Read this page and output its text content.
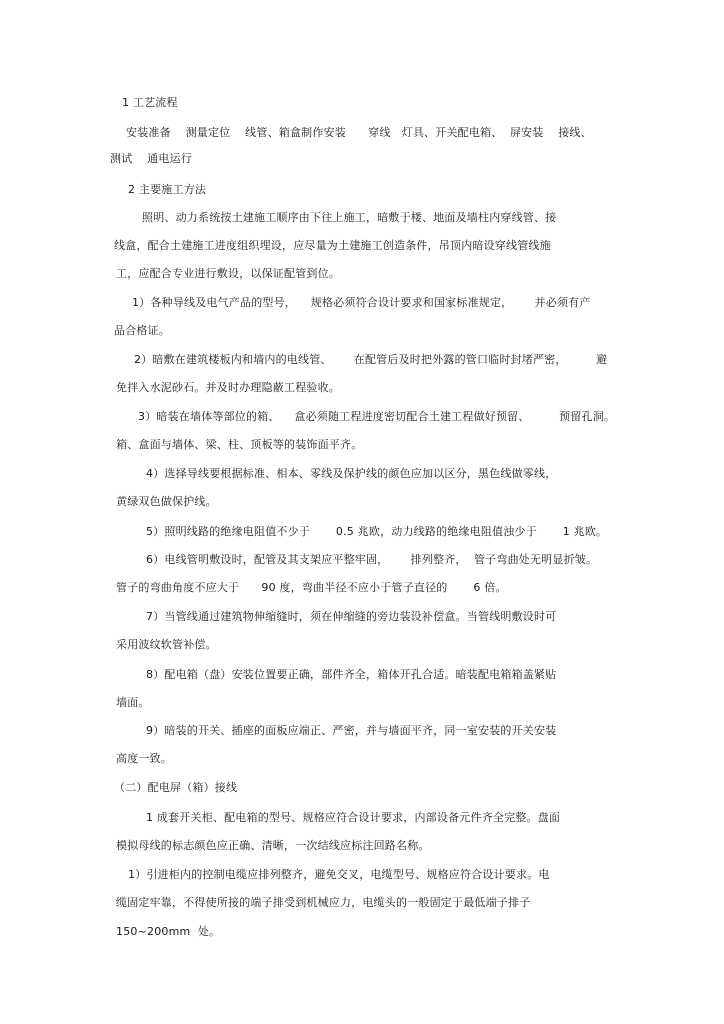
1 工艺流程
安装准备    测量定位    线管、箱盒制作安装      穿线   灯具、开关配电箱、  屏安装    接线、
测试    通电运行
2 主要施工方法
照明、动力系统按土建施工顺序由下往上施工，暗敷于楼、地面及墙柱内穿线管、接
线盒，配合土建施工进度组织埋设，应尽量为土建施工创造条件，吊顶内暗设穿线管线施
工，应配合专业进行敷设，以保证配管到位。
1）各种导线及电气产品的型号，    规格必须符合设计要求和国家标准规定，      并必须有产
品合格证。
2）暗敷在建筑楼板内和墙内的电线管、      在配管后及时把外露的管口临时封堵严密，        避
免拌入水泥砂石。并及时办理隐蔽工程验收。
3）暗装在墙体等部位的箱、    盒必须随工程进度密切配合土建工程做好预留、        预留孔洞。
箱、盒面与墙体、梁、柱、顶板等的装饰面平齐。
4）选择导线要根据标准、相本、零线及保护线的颜色应加以区分，黑色线做零线，
黄绿双色做保护线。
5）照明线路的绝缘电阻值不少于       0.5 兆欧，动力线路的绝缘电阻值浊少于       1 兆欧。
6）电线管明敷设时，配管及其支架应平整牢固，      排列整齐，  管子弯曲处无明显折皱。
管子的弯曲角度不应大于      90 度，弯曲半径不应小于管子直径的       6 倍。
7）当管线通过建筑物伸缩缝时，须在伸缩缝的旁边装设补偿盒。当管线明敷设时可
采用波纹软管补偿。
8）配电箱（盘）安装位置要正确，部件齐全，箱体开孔合适。暗装配电箱箱盖紧贴
墙面。
9）暗装的开关、插座的面板应端正、严密，并与墙面平齐，同一室安装的开关安装
高度一致。
（二）配电屏（箱）接线
1 成套开关柜、配电箱的型号、规格应符合设计要求，内部设备元件齐全完整。盘面
模拟母线的标志颜色应正确、清晰，一次结线应标注回路名称。
1）引进柜内的控制电缆应排列整齐，避免交叉，电缆型号、规格应符合设计要求。电
缆固定牢靠，不得使所接的端子排受到机械应力，电缆头的一般固定于最低端子排子
150~200mm  处。
